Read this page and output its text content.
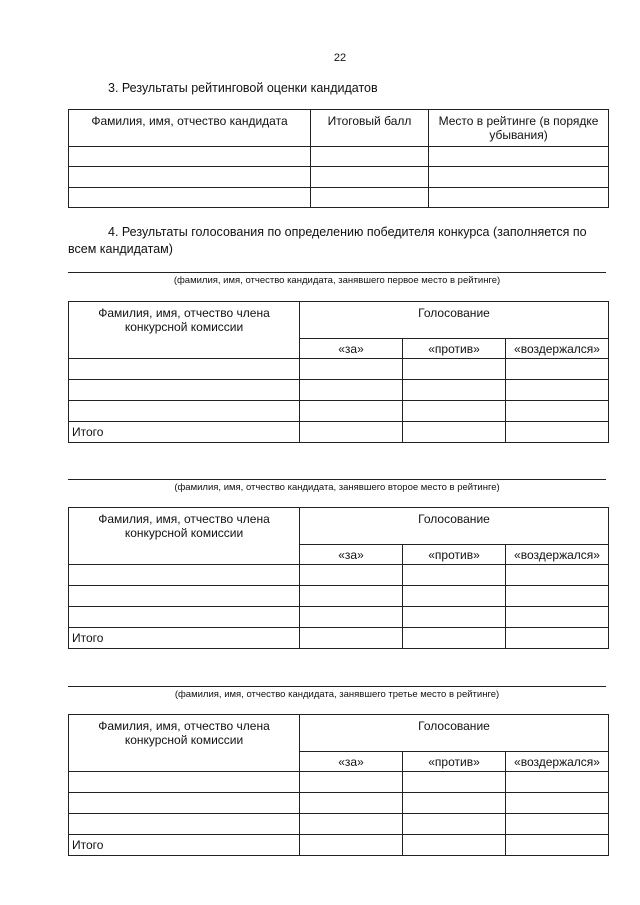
22
3. Результаты рейтинговой оценки кандидатов
Фамилия, имя, отчество кандидата	Итоговый балл	Место в рейтинге (в порядке убывания)

4. Результаты голосования по определению победителя конкурса (заполняется по всем кандидатам)
(фамилия, имя, отчество кандидата, занявшего первое место в рейтинге)
Фамилия, имя, отчество члена конкурсной комиссии	Голосование		
	«за»	«против»	«воздержался»

Итого			
(фамилия, имя, отчество кандидата, занявшего второе место в рейтинге)
Фамилия, имя, отчество члена конкурсной комиссии	Голосование		
	«за»	«против»	«воздержался»

Итого			
(фамилия, имя, отчество кандидата, занявшего третье место в рейтинге)
Фамилия, имя, отчество члена конкурсной комиссии	Голосование		
	«за»	«против»	«воздержался»

Итого			
